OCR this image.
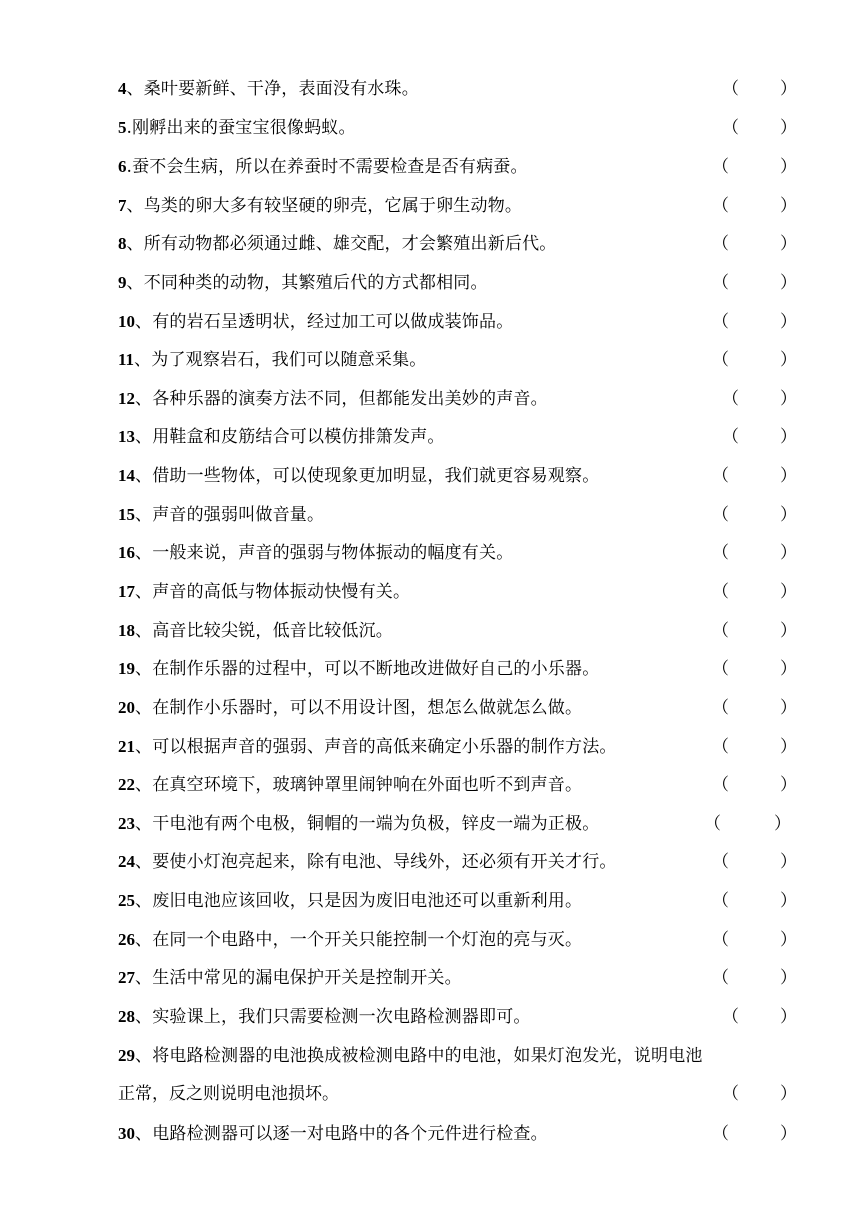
4、桑叶要新鲜、干净，表面没有水珠。	（ ）
5.刚孵出来的蚕宝宝很像蚂蚁。	（ ）
6.蚕不会生病，所以在养蚕时不需要检查是否有病蚕。	（	）
7、鸟类的卵大多有较坚硬的卵壳，它属于卵生动物。	（	）
8、所有动物都必须通过雌、雄交配，才会繁殖出新后代。	（	）
9、不同种类的动物，其繁殖后代的方式都相同。	（	）
10、有的岩石呈透明状，经过加工可以做成装饰品。	（	）
11、为了观察岩石，我们可以随意采集。	（	）
12、各种乐器的演奏方法不同，但都能发出美妙的声音。	（ ）
13、用鞋盒和皮筋结合可以模仿排箫发声。	（ ）
14、借助一些物体，可以使现象更加明显，我们就更容易观察。	（	）
15、声音的强弱叫做音量。	（	）
16、一般来说，声音的强弱与物体振动的幅度有关。	（	）
17、声音的高低与物体振动快慢有关。	（	）
18、高音比较尖锐，低音比较低沉。	（	）
19、在制作乐器的过程中，可以不断地改进做好自己的小乐器。	（	）
20、在制作小乐器时，可以不用设计图，想怎么做就怎么做。	（	）
21、可以根据声音的强弱、声音的高低来确定小乐器的制作方法。	（	）
22、在真空环境下，玻璃钟罩里闹钟响在外面也听不到声音。	（	）
23、干电池有两个电极，铜帽的一端为负极，锌皮一端为正极。	（	）
24、要使小灯泡亮起来，除有电池、导线外，还必须有开关才行。	（	）
25、废旧电池应该回收，只是因为废旧电池还可以重新利用。	（	）
26、在同一个电路中，一个开关只能控制一个灯泡的亮与灭。	（	）
27、生活中常见的漏电保护开关是控制开关。	（	）
28、实验课上，我们只需要检测一次电路检测器即可。	（ ）
29、将电路检测器的电池换成被检测电路中的电池，如果灯泡发光，说明电池
正常，反之则说明电池损坏。	（ ）
30、电路检测器可以逐一对电路中的各个元件进行检查。	（	）
